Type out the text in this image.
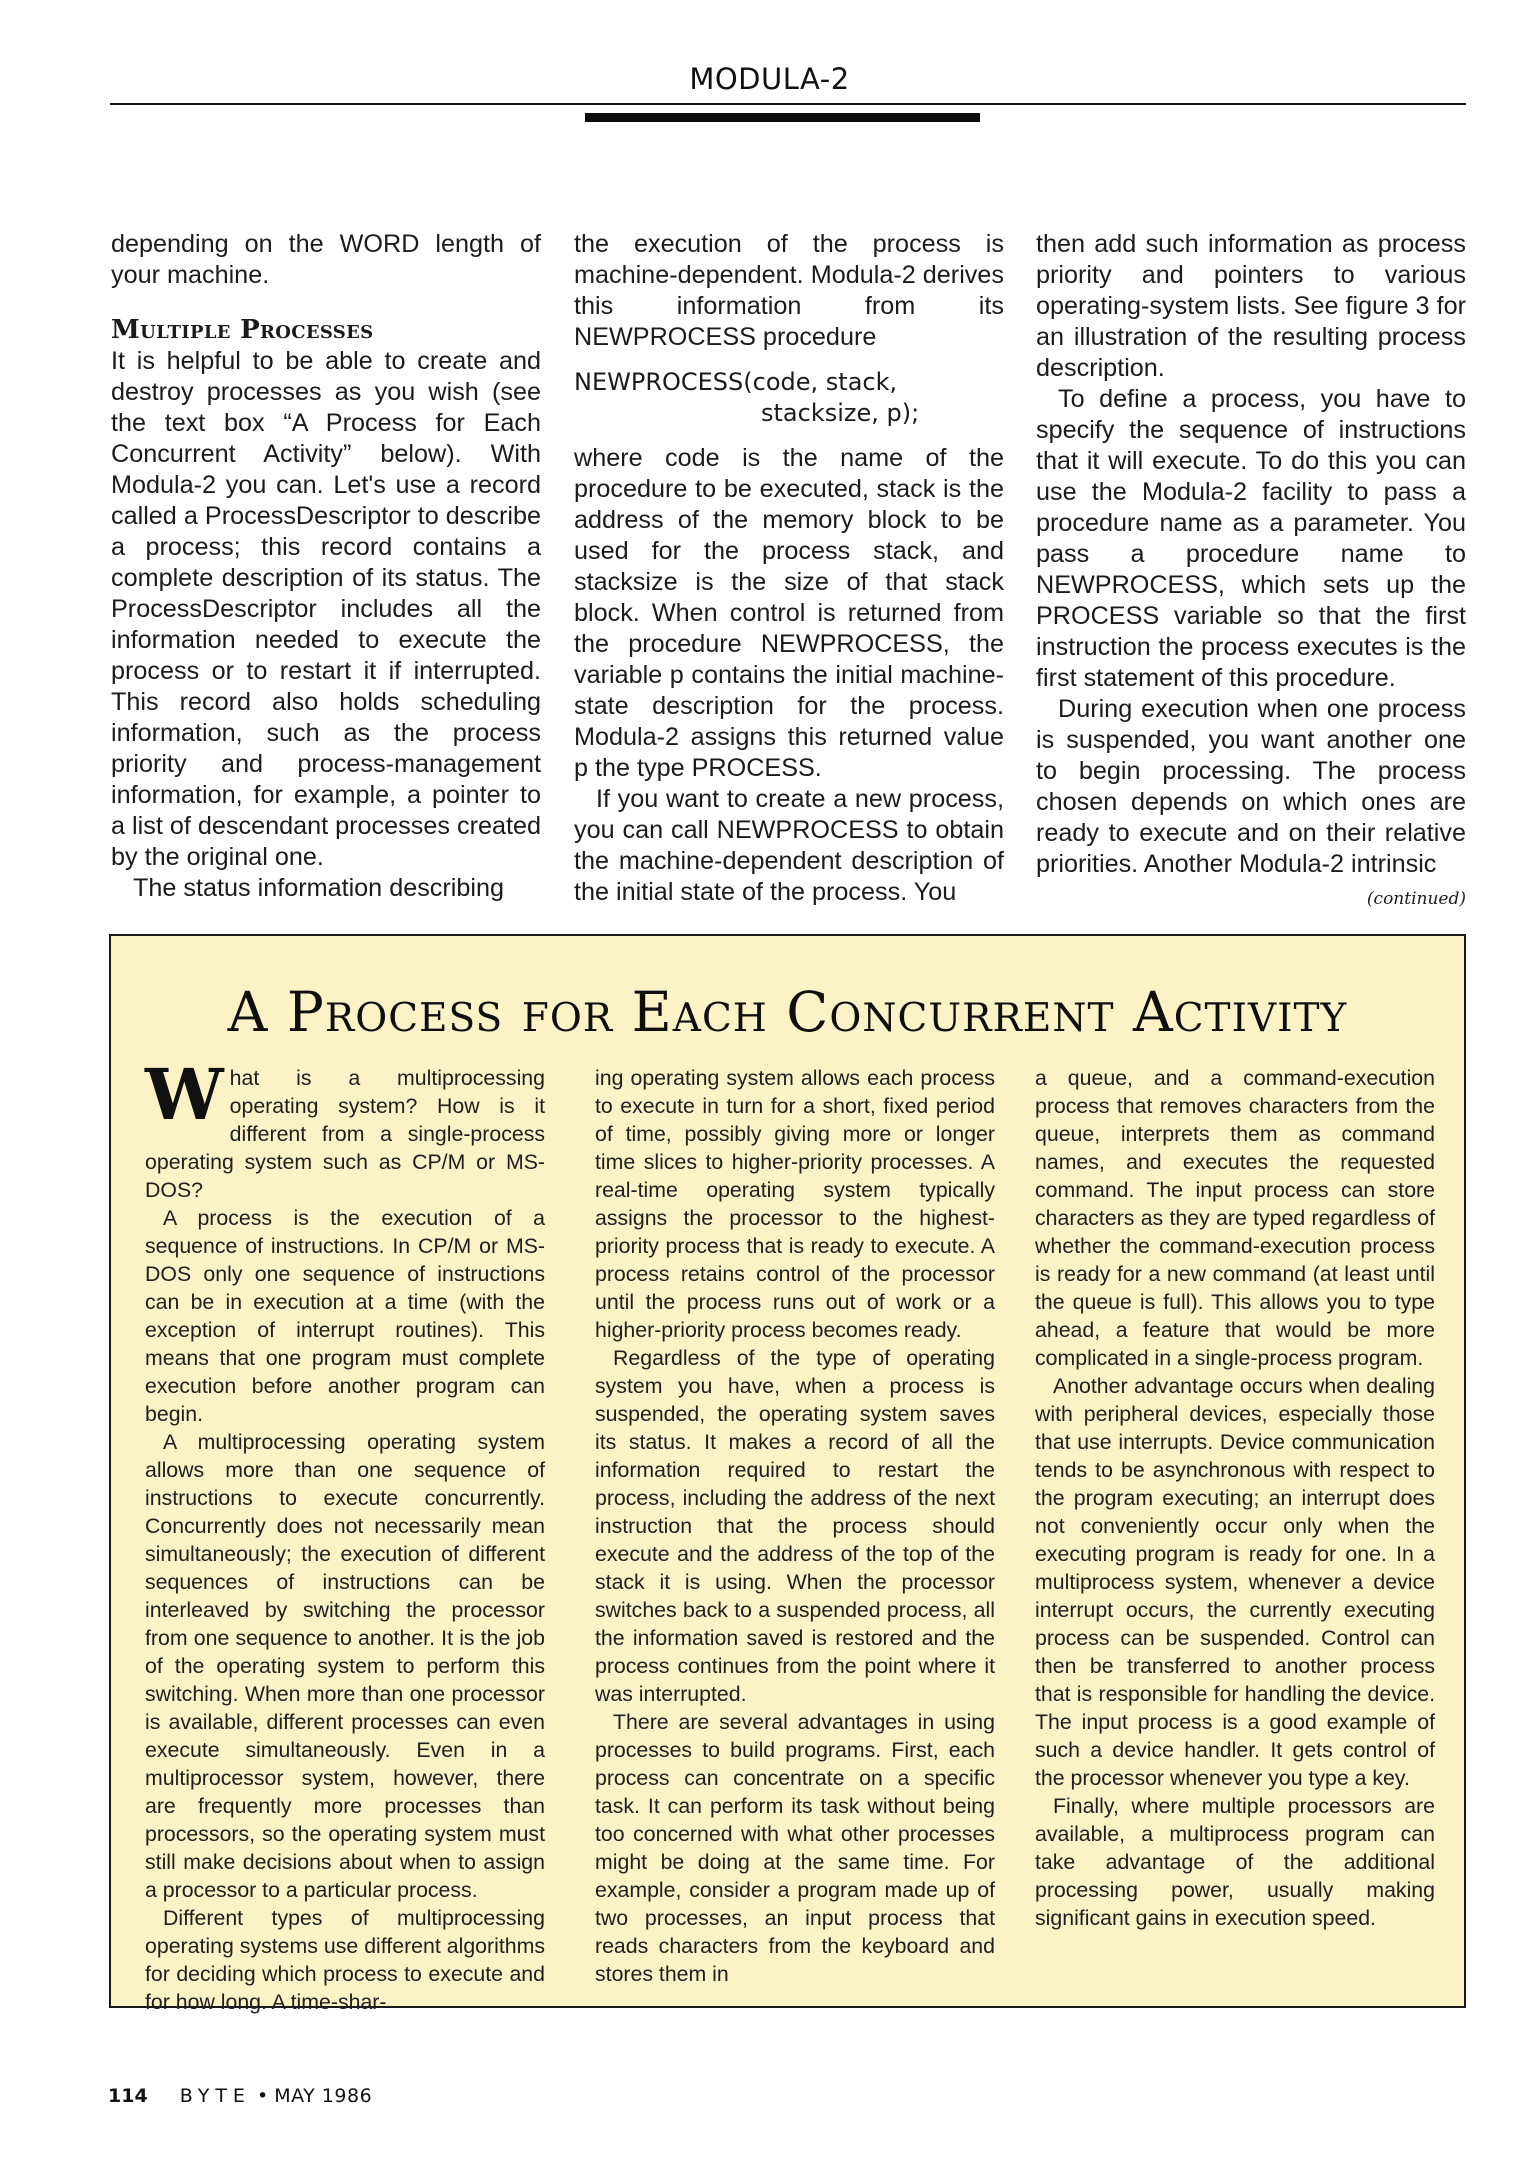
MODULA-2

depending on the WORD length of your machine.

Multiple Processes

It is helpful to be able to create and destroy processes as you wish (see the text box “A Process for Each Concurrent Activity” below). With Modula-2 you can. Let's use a record called a ProcessDescriptor to describe a process; this record contains a complete description of its status. The ProcessDescriptor includes all the information needed to execute the process or to restart it if interrupted. This record also holds scheduling information, such as the process priority and process-management information, for example, a pointer to a list of descendant processes created by the original one.

The status information describing

the execution of the process is machine-dependent. Modula-2 derives this information from its NEWPROCESS procedure

NEWPROCESS(code, stack,
stacksize, p);

where code is the name of the procedure to be executed, stack is the address of the memory block to be used for the process stack, and stacksize is the size of that stack block. When control is returned from the procedure NEWPROCESS, the variable p contains the initial machine-state description for the process. Modula-2 assigns this returned value p the type PROCESS.

If you want to create a new process, you can call NEWPROCESS to obtain the machine-dependent description of the initial state of the process. You

then add such information as process priority and pointers to various operating-system lists. See figure 3 for an illustration of the resulting process description.

To define a process, you have to specify the sequence of instructions that it will execute. To do this you can use the Modula-2 facility to pass a procedure name as a parameter. You pass a procedure name to NEWPROCESS, which sets up the PROCESS variable so that the first instruction the process executes is the first statement of this procedure.

During execution when one process is suspended, you want another one to begin processing. The process chosen depends on which ones are ready to execute and on their relative priorities. Another Modula-2 intrinsic

(continued)
A Process for Each Concurrent Activity

What is a multiprocessing operating system? How is it different from a single-process operating system such as CP/M or MS-DOS?

A process is the execution of a sequence of instructions. In CP/M or MS-DOS only one sequence of instructions can be in execution at a time (with the exception of interrupt routines). This means that one program must complete execution before another program can begin.

A multiprocessing operating system allows more than one sequence of instructions to execute concurrently. Concurrently does not necessarily mean simultaneously; the execution of different sequences of instructions can be interleaved by switching the processor from one sequence to another. It is the job of the operating system to perform this switching. When more than one processor is available, different processes can even execute simultaneously. Even in a multiprocessor system, however, there are frequently more processes than processors, so the operating system must still make decisions about when to assign a processor to a particular process.

Different types of multiprocessing operating systems use different algorithms for deciding which process to execute and for how long. A time-shar-

ing operating system allows each process to execute in turn for a short, fixed period of time, possibly giving more or longer time slices to higher-priority processes. A real-time operating system typically assigns the processor to the highest-priority process that is ready to execute. A process retains control of the processor until the process runs out of work or a higher-priority process becomes ready.

Regardless of the type of operating system you have, when a process is suspended, the operating system saves its status. It makes a record of all the information required to restart the process, including the address of the next instruction that the process should execute and the address of the top of the stack it is using. When the processor switches back to a suspended process, all the information saved is restored and the process continues from the point where it was interrupted.

There are several advantages in using processes to build programs. First, each process can concentrate on a specific task. It can perform its task without being too concerned with what other processes might be doing at the same time. For example, consider a program made up of two processes, an input process that reads characters from the keyboard and stores them in

a queue, and a command-execution process that removes characters from the queue, interprets them as command names, and executes the requested command. The input process can store characters as they are typed regardless of whether the command-execution process is ready for a new command (at least until the queue is full). This allows you to type ahead, a feature that would be more complicated in a single-process program.

Another advantage occurs when dealing with peripheral devices, especially those that use interrupts. Device communication tends to be asynchronous with respect to the program executing; an interrupt does not conveniently occur only when the executing program is ready for one. In a multiprocess system, whenever a device interrupt occurs, the currently executing process can be suspended. Control can then be transferred to another process that is responsible for handling the device. The input process is a good example of such a device handler. It gets control of the processor whenever you type a key.

Finally, where multiple processors are available, a multiprocess program can take advantage of the additional processing power, usually making significant gains in execution speed.

114 BYTE • MAY 1986
